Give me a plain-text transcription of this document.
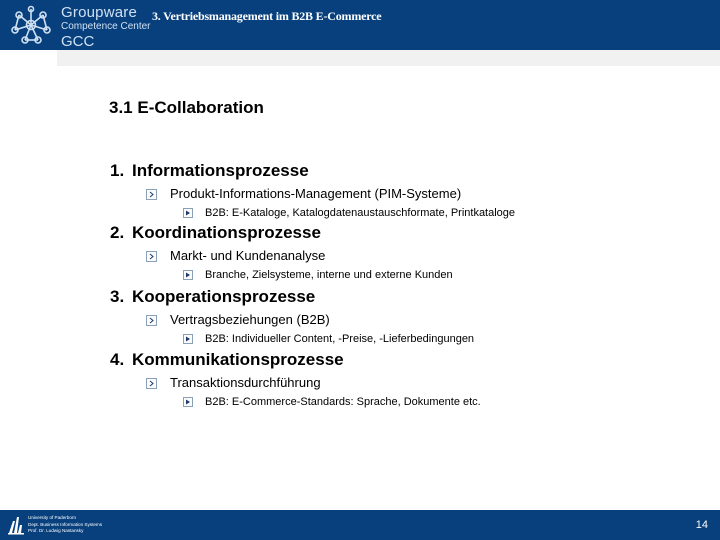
Groupware
Competence Center
GCC
3. Vertriebsmanagement im B2B E-Commerce
3.1 E-Collaboration
1. Informationsprozesse
Produkt-Informations-Management (PIM-Systeme)
B2B: E-Kataloge, Katalogdatenaustauschformate, Printkataloge
2. Koordinationsprozesse
Markt- und Kundenanalyse
Branche, Zielsysteme, interne und externe Kunden
3. Kooperationsprozesse
Vertragsbeziehungen (B2B)
B2B: Individueller Content, -Preise, -Lieferbedingungen
4. Kommunikationsprozesse
Transaktionsdurchführung
B2B: E-Commerce-Standards: Sprache, Dokumente etc.
University of Paderborn
Dept. Business Information Systems
Prof. Dr. Ludwig Nastansky	14
